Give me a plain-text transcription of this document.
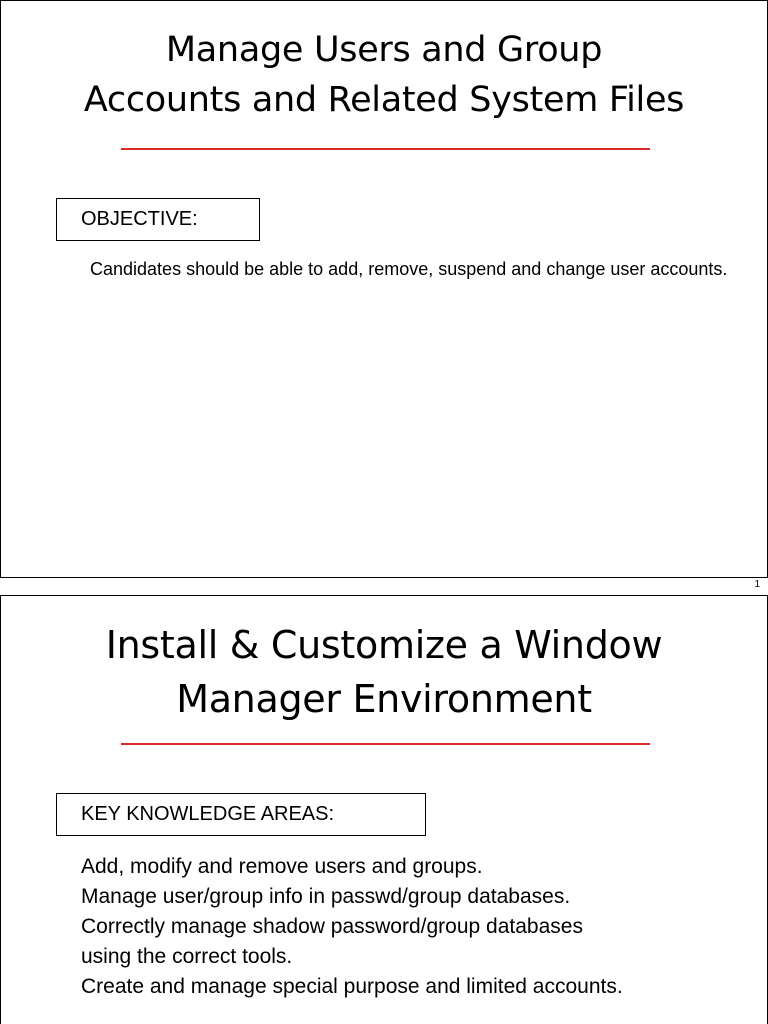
Manage Users and Group
Accounts and Related System Files
OBJECTIVE:

Candidates should be able to add, remove, suspend and change user accounts.

1
Install & Customize a Window
Manager Environment
KEY KNOWLEDGE AREAS:
Add, modify and remove users and groups.
Manage user/group info in passwd/group databases.
Correctly manage shadow password/group databases
using the correct tools.
Create and manage special purpose and limited accounts.
